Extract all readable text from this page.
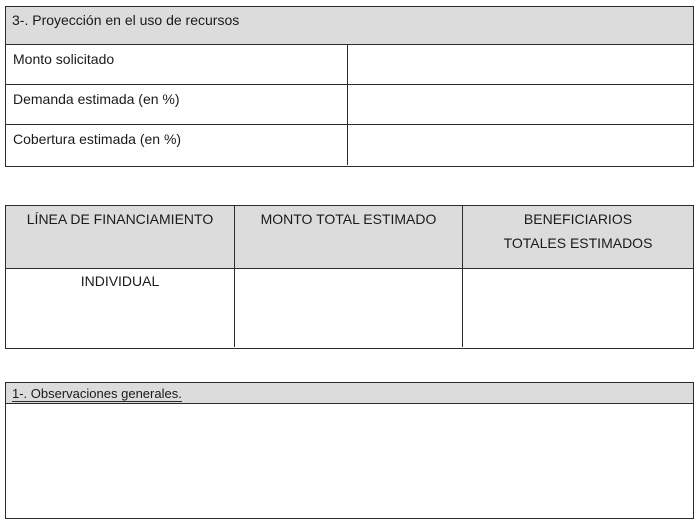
3-. Proyección en el uso de recursos
Monto solicitado
Demanda estimada (en %)
Cobertura estimada (en %)
LÍNEA DE FINANCIAMIENTO	MONTO TOTAL ESTIMADO	BENEFICIARIOS TOTALES ESTIMADOS
INDIVIDUAL
1-. Observaciones generales.
